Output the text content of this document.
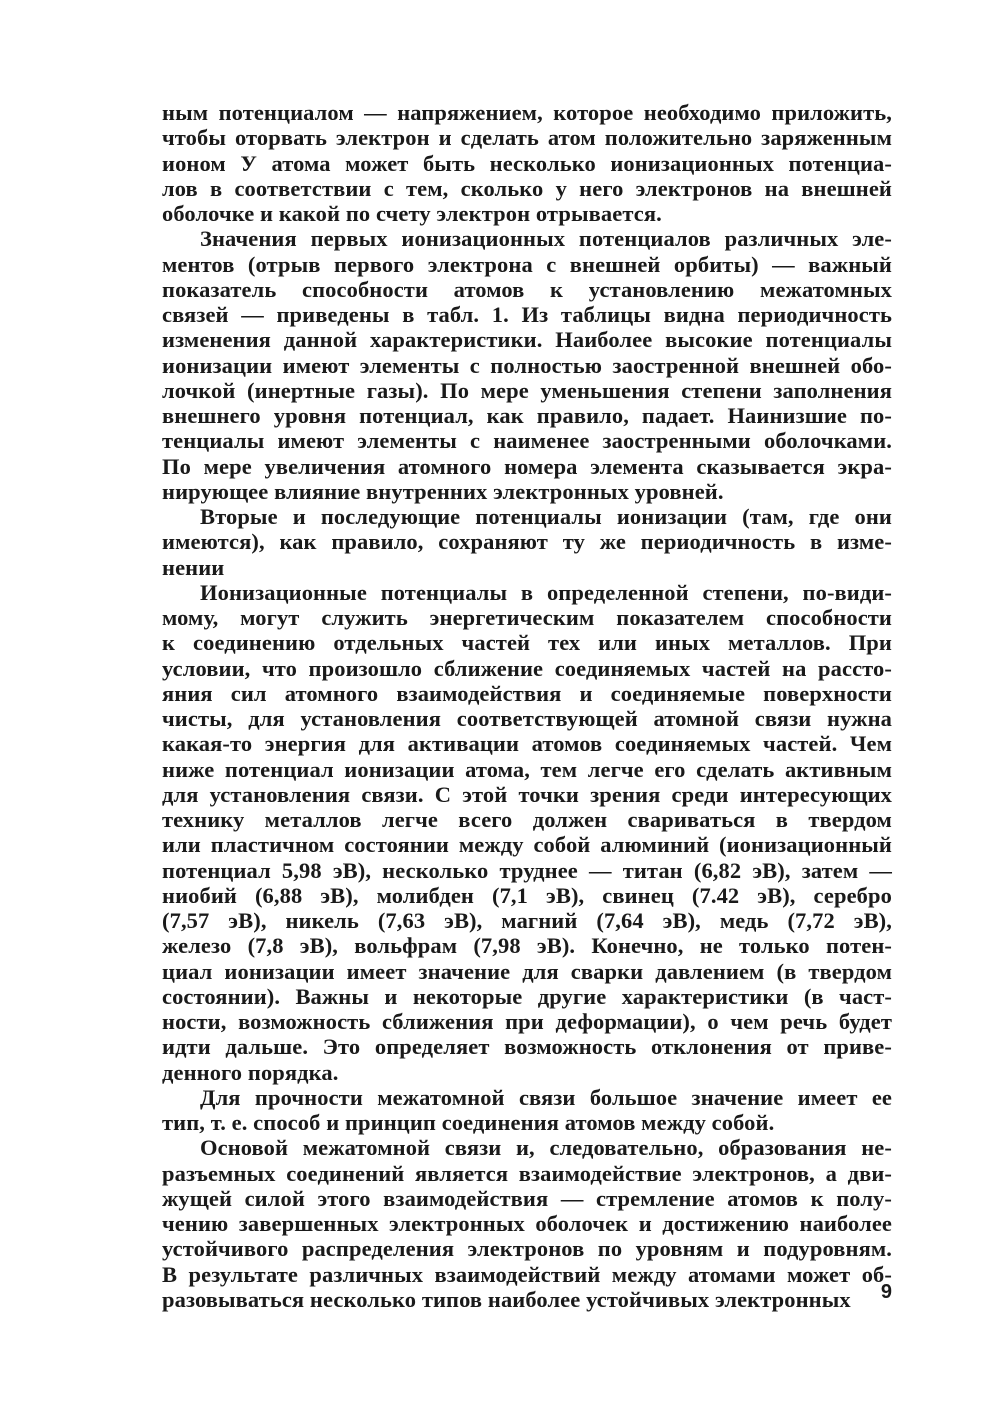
ным потенциалом — напряжением, которое необходимо приложить,
чтобы оторвать электрон и сделать атом положительно заряженным
ионом У атома может быть несколько ионизационных потенциа-
лов в соответствии с тем, сколько у него электронов на внешней
оболочке и какой по счету электрон отрывается.
Значения первых ионизационных потенциалов различных эле-
ментов (отрыв первого электрона с внешней орбиты) — важный
показатель способности атомов к установлению межатомных
связей — приведены в табл. 1. Из таблицы видна периодичность
изменения данной характеристики. Наиболее высокие потенциалы
ионизации имеют элементы с полностью заостренной внешней обо-
лочкой (инертные газы). По мере уменьшения степени заполнения
внешнего уровня потенциал, как правило, падает. Наинизшие по-
тенциалы имеют элементы с наименее заостренными оболочками.
По мере увеличения атомного номера элемента сказывается экра-
нирующее влияние внутренних электронных уровней.
Вторые и последующие потенциалы ионизации (там, где они
имеются), как правило, сохраняют ту же периодичность в изме-
нении
Ионизационные потенциалы в определенной степени, по-види-
мому, могут служить энергетическим показателем способности
к соединению отдельных частей тех или иных металлов. При
условии, что произошло сближение соединяемых частей на рассто-
яния сил атомного взаимодействия и соединяемые поверхности
чисты, для установления соответствующей атомной связи нужна
какая-то энергия для активации атомов соединяемых частей. Чем
ниже потенциал ионизации атома, тем легче его сделать активным
для установления связи. С этой точки зрения среди интересующих
технику металлов легче всего должен свариваться в твердом
или пластичном состоянии между собой алюминий (ионизационный
потенциал 5,98 эВ), несколько труднее — титан (6,82 эВ), затем —
ниобий (6,88 эВ), молибден (7,1 эВ), свинец (7.42 эВ), серебро
(7,57 эВ), никель (7,63 эВ), магний (7,64 эВ), медь (7,72 эВ),
железо (7,8 эВ), вольфрам (7,98 эВ). Конечно, не только потен-
циал ионизации имеет значение для сварки давлением (в твердом
состоянии). Важны и некоторые другие характеристики (в част-
ности, возможность сближения при деформации), о чем речь будет
идти дальше. Это определяет возможность отклонения от приве-
денного порядка.
Для прочности межатомной связи большое значение имеет ее
тип, т. е. способ и принцип соединения атомов между собой.
Основой межатомной связи и, следовательно, образования не-
разъемных соединений является взаимодействие электронов, а дви-
жущей силой этого взаимодействия — стремление атомов к полу-
чению завершенных электронных оболочек и достижению наиболее
устойчивого распределения электронов по уровням и подуровням.
В результате различных взаимодействий между атомами может об-
разовываться несколько типов наиболее устойчивых электронных	9
